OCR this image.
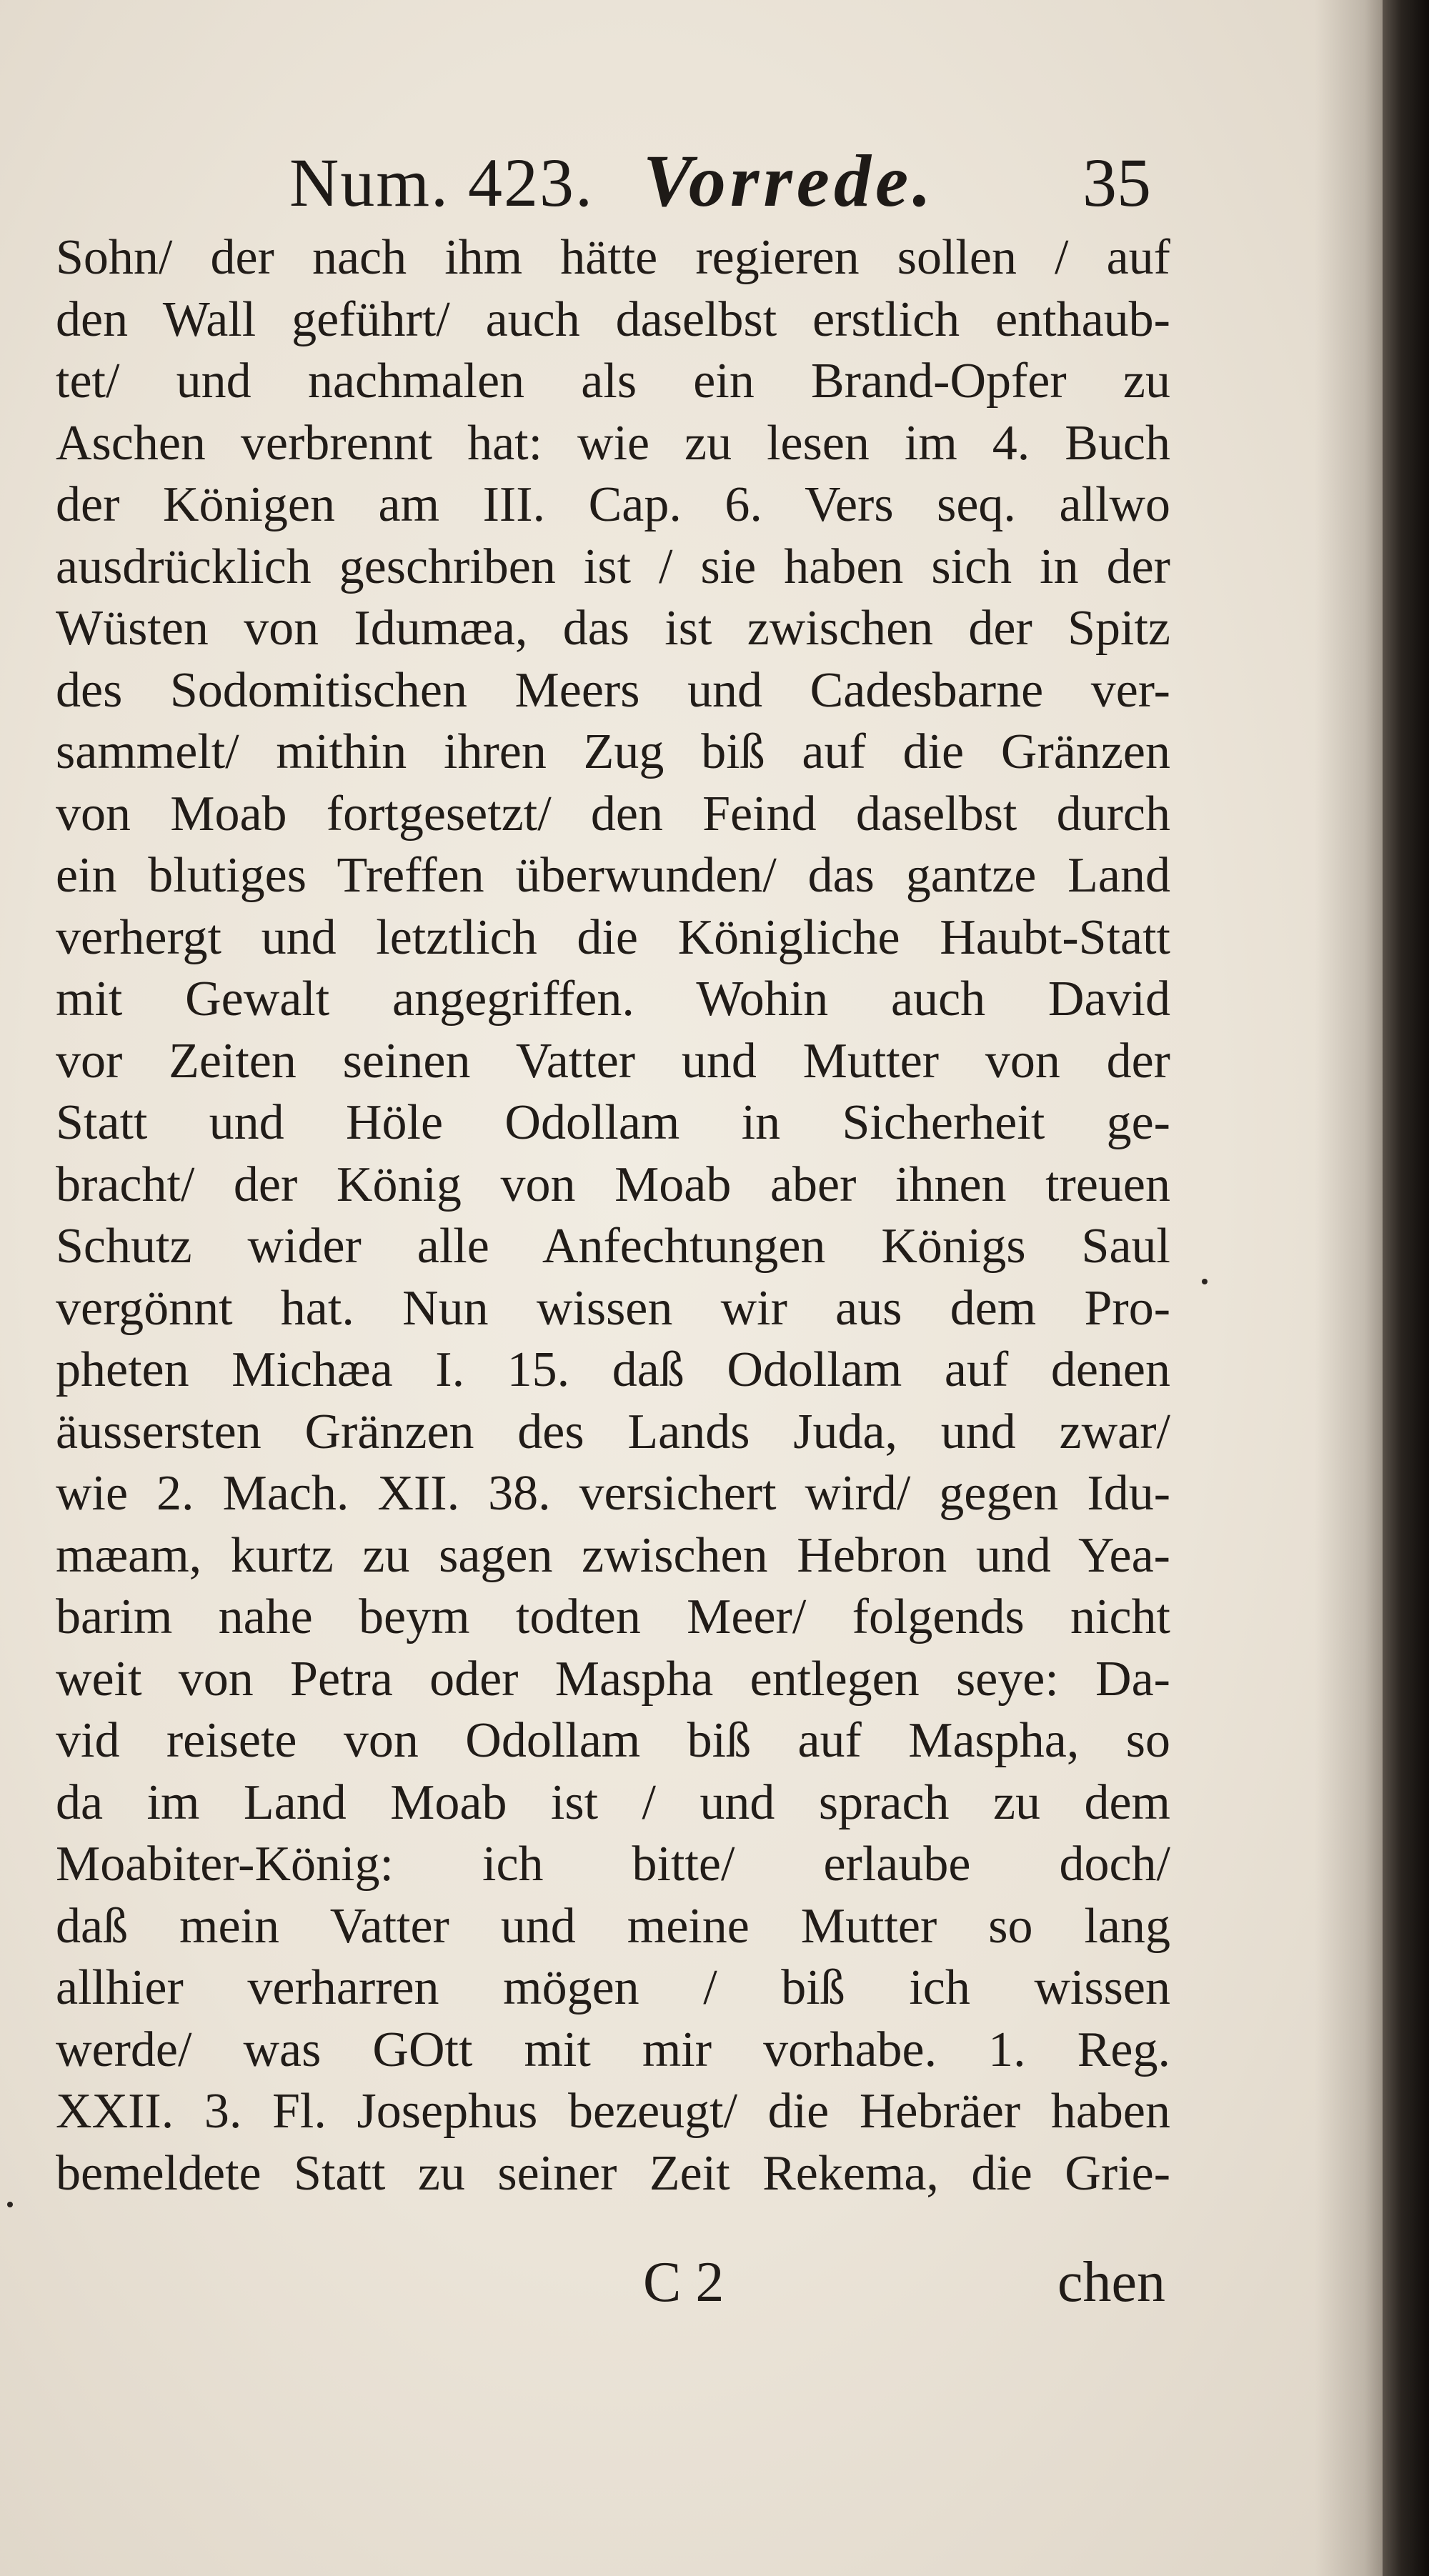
Num. 423. Vorrede. 35
Sohn/ der nach ihm hätte regieren sollen / auf
den Wall geführt/ auch daselbst erstlich enthaub-
tet/ und nachmalen als ein Brand-Opfer zu
Aschen verbrennt hat: wie zu lesen im 4. Buch
der Königen am III. Cap. 6. Vers seq. allwo
ausdrücklich geschriben ist / sie haben sich in der
Wüsten von Idumæa, das ist zwischen der Spitz
des Sodomitischen Meers und Cadesbarne ver-
sammelt/ mithin ihren Zug biß auf die Gränzen
von Moab fortgesetzt/ den Feind daselbst durch
ein blutiges Treffen überwunden/ das gantze Land
verhergt und letztlich die Königliche Haubt-Statt
mit Gewalt angegriffen. Wohin auch David
vor Zeiten seinen Vatter und Mutter von der
Statt und Höle Odollam in Sicherheit ge-
bracht/ der König von Moab aber ihnen treuen
Schutz wider alle Anfechtungen Königs Saul
vergönnt hat. Nun wissen wir aus dem Pro-
pheten Michæa I. 15. daß Odollam auf denen
äussersten Gränzen des Lands Juda, und zwar/
wie 2. Mach. XII. 38. versichert wird/ gegen Idu-
mæam, kurtz zu sagen zwischen Hebron und Yea-
barim nahe beym todten Meer/ folgends nicht
weit von Petra oder Maspha entlegen seye: Da-
vid reisete von Odollam biß auf Maspha, so
da im Land Moab ist / und sprach zu dem
Moabiter-König: ich bitte/ erlaube doch/
daß mein Vatter und meine Mutter so lang
allhier verharren mögen / biß ich wissen
werde/ was GOtt mit mir vorhabe. 1. Reg.
XXII. 3. Fl. Josephus bezeugt/ die Hebräer haben
bemeldete Statt zu seiner Zeit Rekema, die Grie-
C 2	chen
